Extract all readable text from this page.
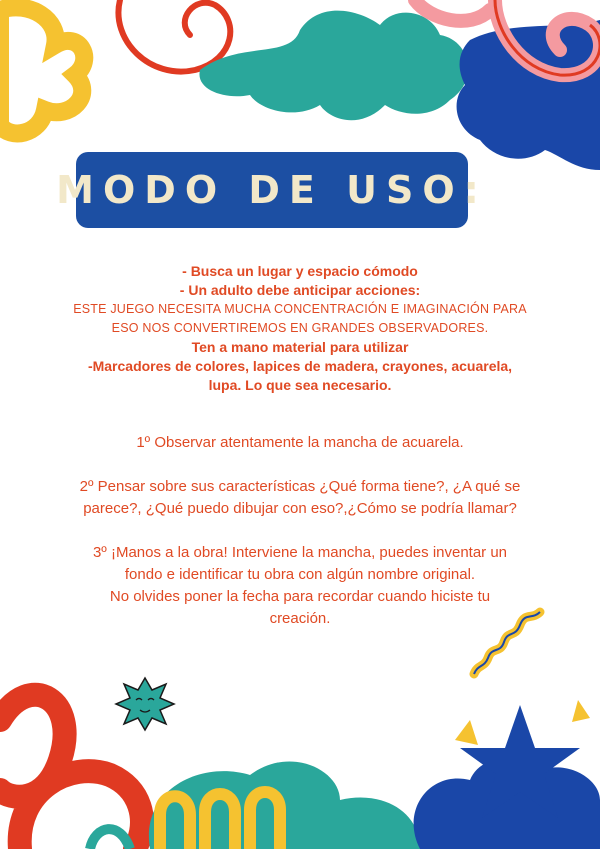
MODO DE USO:

- Busca un lugar y espacio cómodo

- Un adulto debe anticipar acciones:

ESTE JUEGO NECESITA MUCHA CONCENTRACIÓN E IMAGINACIÓN PARA

ESO NOS CONVERTIREMOS EN GRANDES OBSERVADORES.

Ten a mano material para utilizar

-Marcadores de colores, lapices de madera, crayones, acuarela,

lupa. Lo que sea necesario.

1º Observar atentamente la mancha de acuarela.

2º Pensar sobre sus características ¿Qué forma tiene?, ¿A qué se
parece?, ¿Qué puedo dibujar con eso?,¿Cómo se podría llamar?

3º ¡Manos a la obra! Interviene la mancha, puedes inventar un
fondo e identificar tu obra con algún nombre original.
No olvides poner la fecha para recordar cuando hiciste tu
creación.
